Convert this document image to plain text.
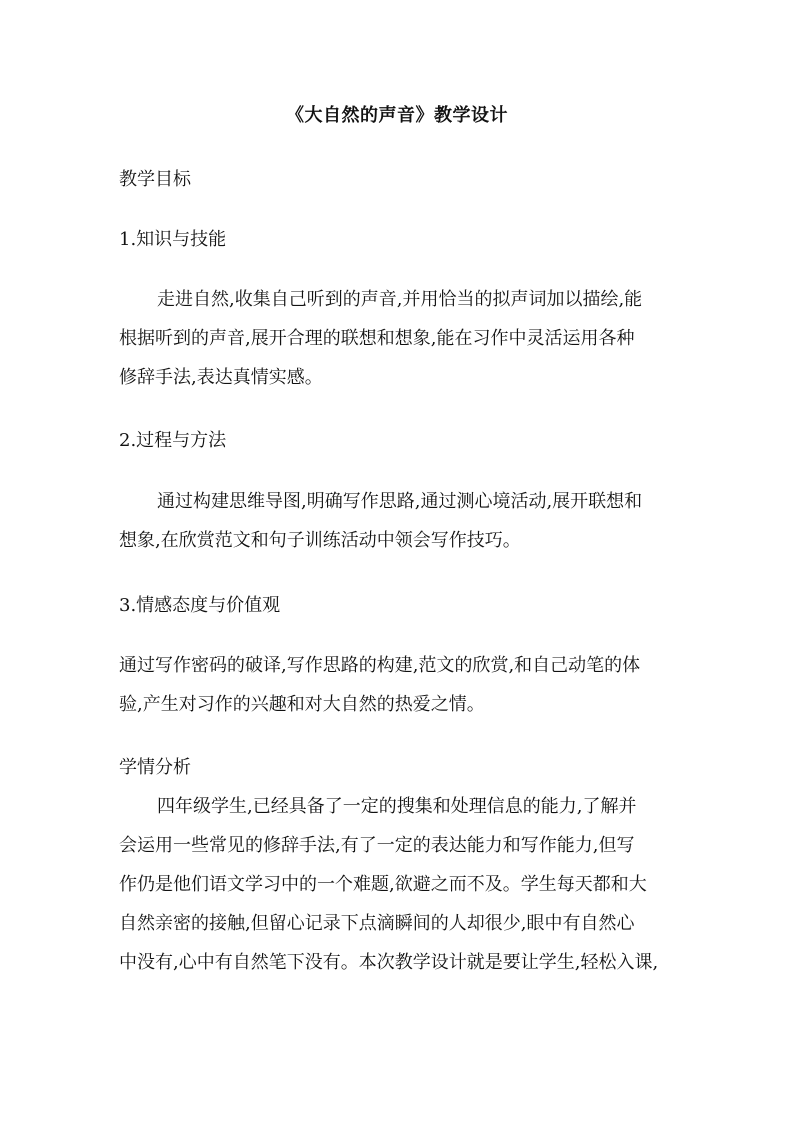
《大自然的声音》教学设计
教学目标
1.知识与技能
走进自然,收集自己听到的声音,并用恰当的拟声词加以描绘,能
根据听到的声音,展开合理的联想和想象,能在习作中灵活运用各种
修辞手法,表达真情实感。
2.过程与方法
通过构建思维导图,明确写作思路,通过测心境活动,展开联想和
想象,在欣赏范文和句子训练活动中领会写作技巧。
3.情感态度与价值观
通过写作密码的破译,写作思路的构建,范文的欣赏,和自己动笔的体
验,产生对习作的兴趣和对大自然的热爱之情。
学情分析
四年级学生,已经具备了一定的搜集和处理信息的能力,了解并
会运用一些常见的修辞手法,有了一定的表达能力和写作能力,但写
作仍是他们语文学习中的一个难题,欲避之而不及。学生每天都和大
自然亲密的接触,但留心记录下点滴瞬间的人却很少,眼中有自然心
中没有,心中有自然笔下没有。本次教学设计就是要让学生,轻松入课,
